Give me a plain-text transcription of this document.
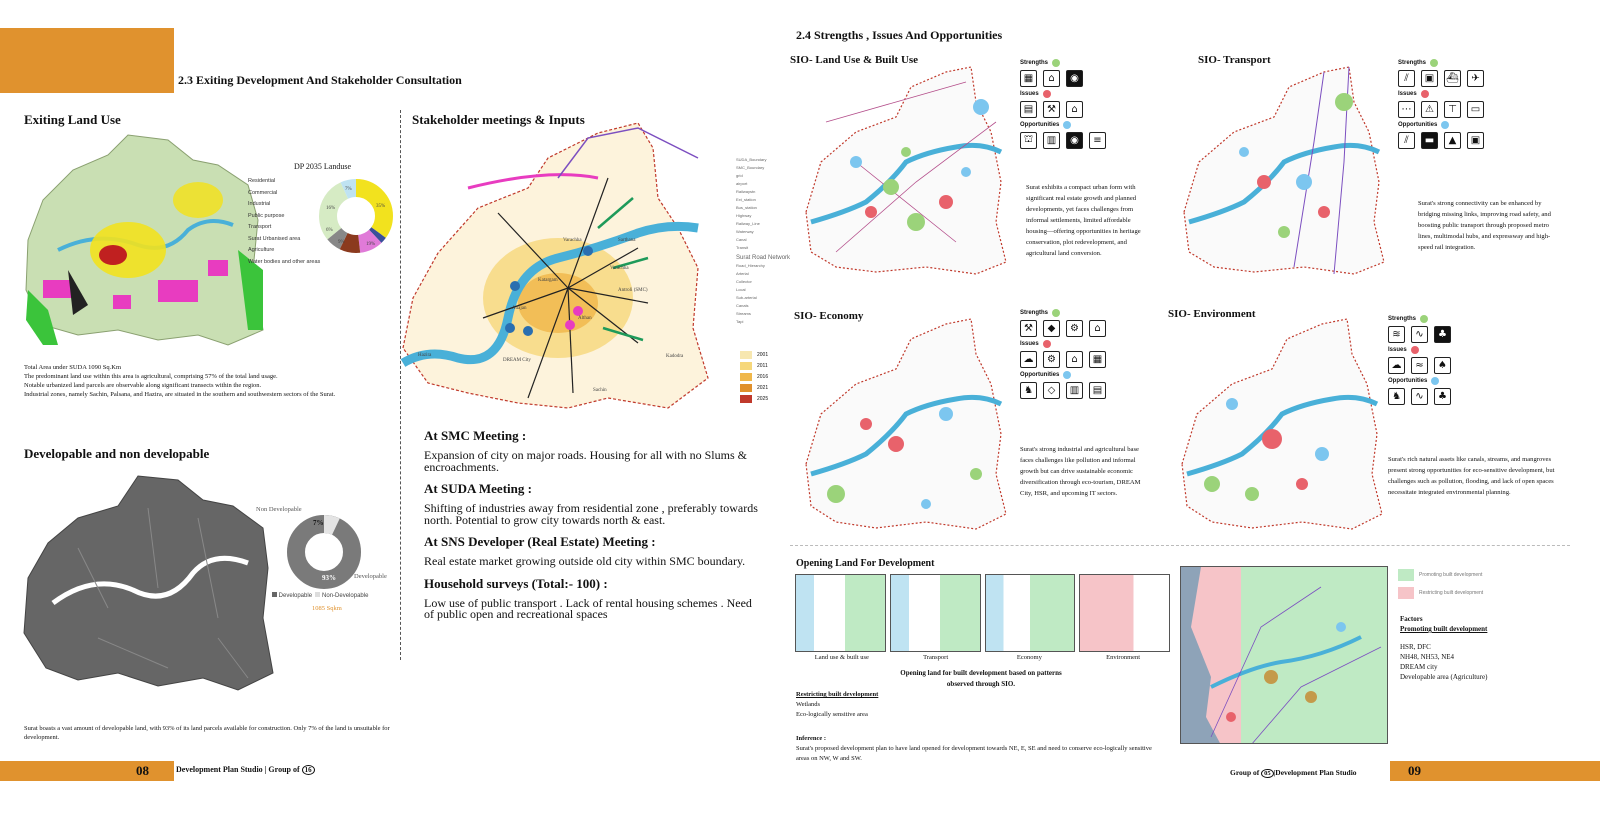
2.3 Exiting Development And Stakeholder Consultation
Exiting Land Use
DP 2035 Landuse
Residential
Commercial
Industrial
Public purpose
Transport
Surat Urbanised area
Agriculture
Water bodies and other areas
7%
35%
6%
19%
16%
9%
Total Area under SUDA 1090 Sq.Km
The predominant land use within this area is agricultural, comprising 57% of the total land usage.
Notable urbanized land parcels are observable along significant transects within the region.
Industrial zones, namely Sachin, Palsana, and Hazira, are situated in the southern and southwestern sectors of the Surat.
Developable and non developable
Non Developable
7%
93%	Developable
Developable Non-Developable
1085 Sqkm
Surat boasts a vast amount of developable land, with 93% of its land parcels available for construction. Only 7% of the land is unsuitable for development.
Stakeholder meetings & Inputs
Adajan
Katargam
Varachha
Varachha
Sarthana
Althan
Hazira
DREAM City
Kadodra
Antroli (SMC)
Sachin
SUDA_Boundary
SMC_Boundary
grid
airport
Railwaystn
Ext_station
Bus_station
Highway
Railway_Line
Waterway
Canal
Transit
Surat Road Network
Road_Hierarchy
Arterial
Collector
Local
Sub-arterial
Canals
Streams
Tapi
2001
2011
2016
2021
2025
At SMC Meeting :
Expansion of city on major roads. Housing for all with no Slums & encroachments.
At SUDA Meeting :
Shifting of industries away from residential zone , preferably towards north. Potential to grow city towards north & east.
At SNS Developer (Real Estate) Meeting :
Real estate market growing outside old city within SMC boundary.
Household surveys (Total:- 100) :
Low use of public transport . Lack of rental housing schemes . Need of public open and recreational spaces
08	Development Plan Studio | Group of 16
2.4 Strengths , Issues And Opportunities
SIO- Land Use & Built Use	Strengths
▦	⌂	◉
Issues
▤	⚒	⌂
Opportunities
⛫	▥	◉	≡
Surat exhibits a compact urban form with significant real estate growth and planned developments, yet faces challenges from informal settlements, limited affordable housing—offering opportunities in heritage conservation, plot redevelopment, and agricultural land conversion.
SIO- Transport	Strengths
⫽	▣	⛴	✈
Issues
⋯	⚠	⊤	▭
Opportunities
⫽	▬	▲	▣
Surat's strong connectivity can be enhanced by bridging missing links, improving road safety, and boosting public transport through proposed metro lines, multimodal hubs, and expressway and high-speed rail integration.
SIO- Economy	Strengths
⚒	◆	⚙	⌂
Issues
☁	⚙	⌂	▦
Opportunities
♞	◇	▥	▤
Surat's strong industrial and agricultural base faces challenges like pollution and informal growth but can drive sustainable economic diversification through eco-tourism, DREAM City, HSR, and upcoming IT sectors.
SIO- Environment	Strengths
≋	∿	♣
Issues
☁	≈	♠
Opportunities
♞	∿	♣
Surat's rich natural assets like canals, streams, and mangroves present strong opportunities for eco-sensitive development, but challenges such as pollution, flooding, and lack of open spaces necessitate integrated environmental planning.
Opening Land For Development
Land use & built use	Transport	Economy	Environment
Opening land for built development based on patterns observed through SIO.
Restricting built development
Wetlands
Eco-logically sensitive area
Inference :
Surat's proposed development plan to have land opened for development towards NE, E, SE and need to conserve eco-logically sensitive areas on NW, W and SW.
Promoting built development
Restricting built development
Factors
Promoting built development
HSR, DFC
NH48, NH53, NE4
DREAM city
Developable area (Agriculture)
Group of 05 |Development Plan Studio	09
